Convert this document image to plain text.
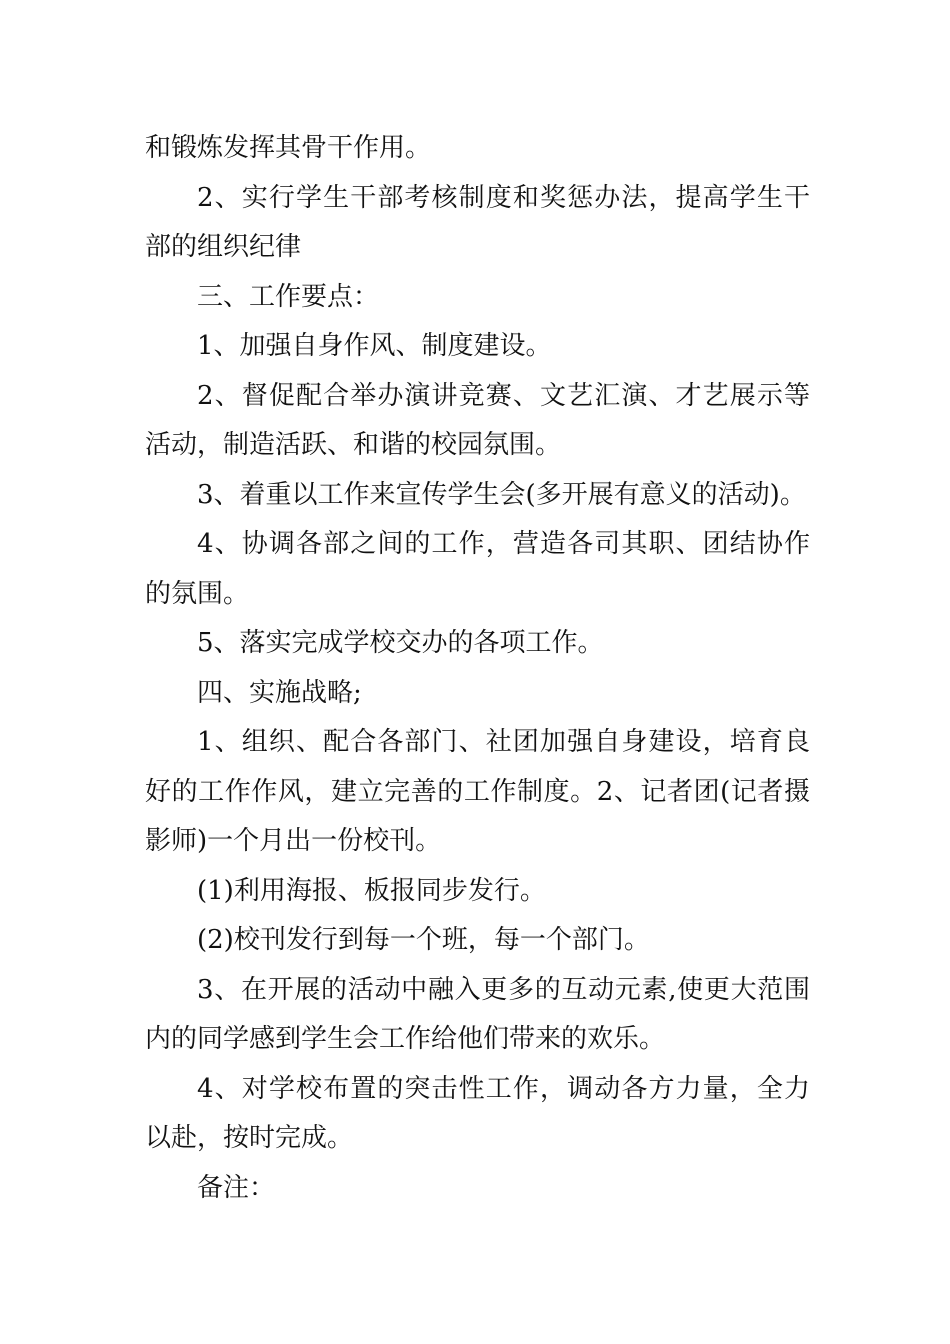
和锻炼发挥其骨干作用。

2、实行学生干部考核制度和奖惩办法，提高学生干部的组织纪律

三、工作要点：

1、加强自身作风、制度建设。

2、督促配合举办演讲竞赛、文艺汇演、才艺展示等活动，制造活跃、和谐的校园氛围。

3、着重以工作来宣传学生会(多开展有意义的活动)。

4、协调各部之间的工作，营造各司其职、团结协作的氛围。

5、落实完成学校交办的各项工作。

四、实施战略;

1、组织、配合各部门、社团加强自身建设，培育良好的工作作风，建立完善的工作制度。2、记者团(记者摄影师)一个月出一份校刊。

(1)利用海报、板报同步发行。

(2)校刊发行到每一个班，每一个部门。

3、在开展的活动中融入更多的互动元素,使更大范围内的同学感到学生会工作给他们带来的欢乐。

4、对学校布置的突击性工作，调动各方力量，全力以赴，按时完成。

备注：
